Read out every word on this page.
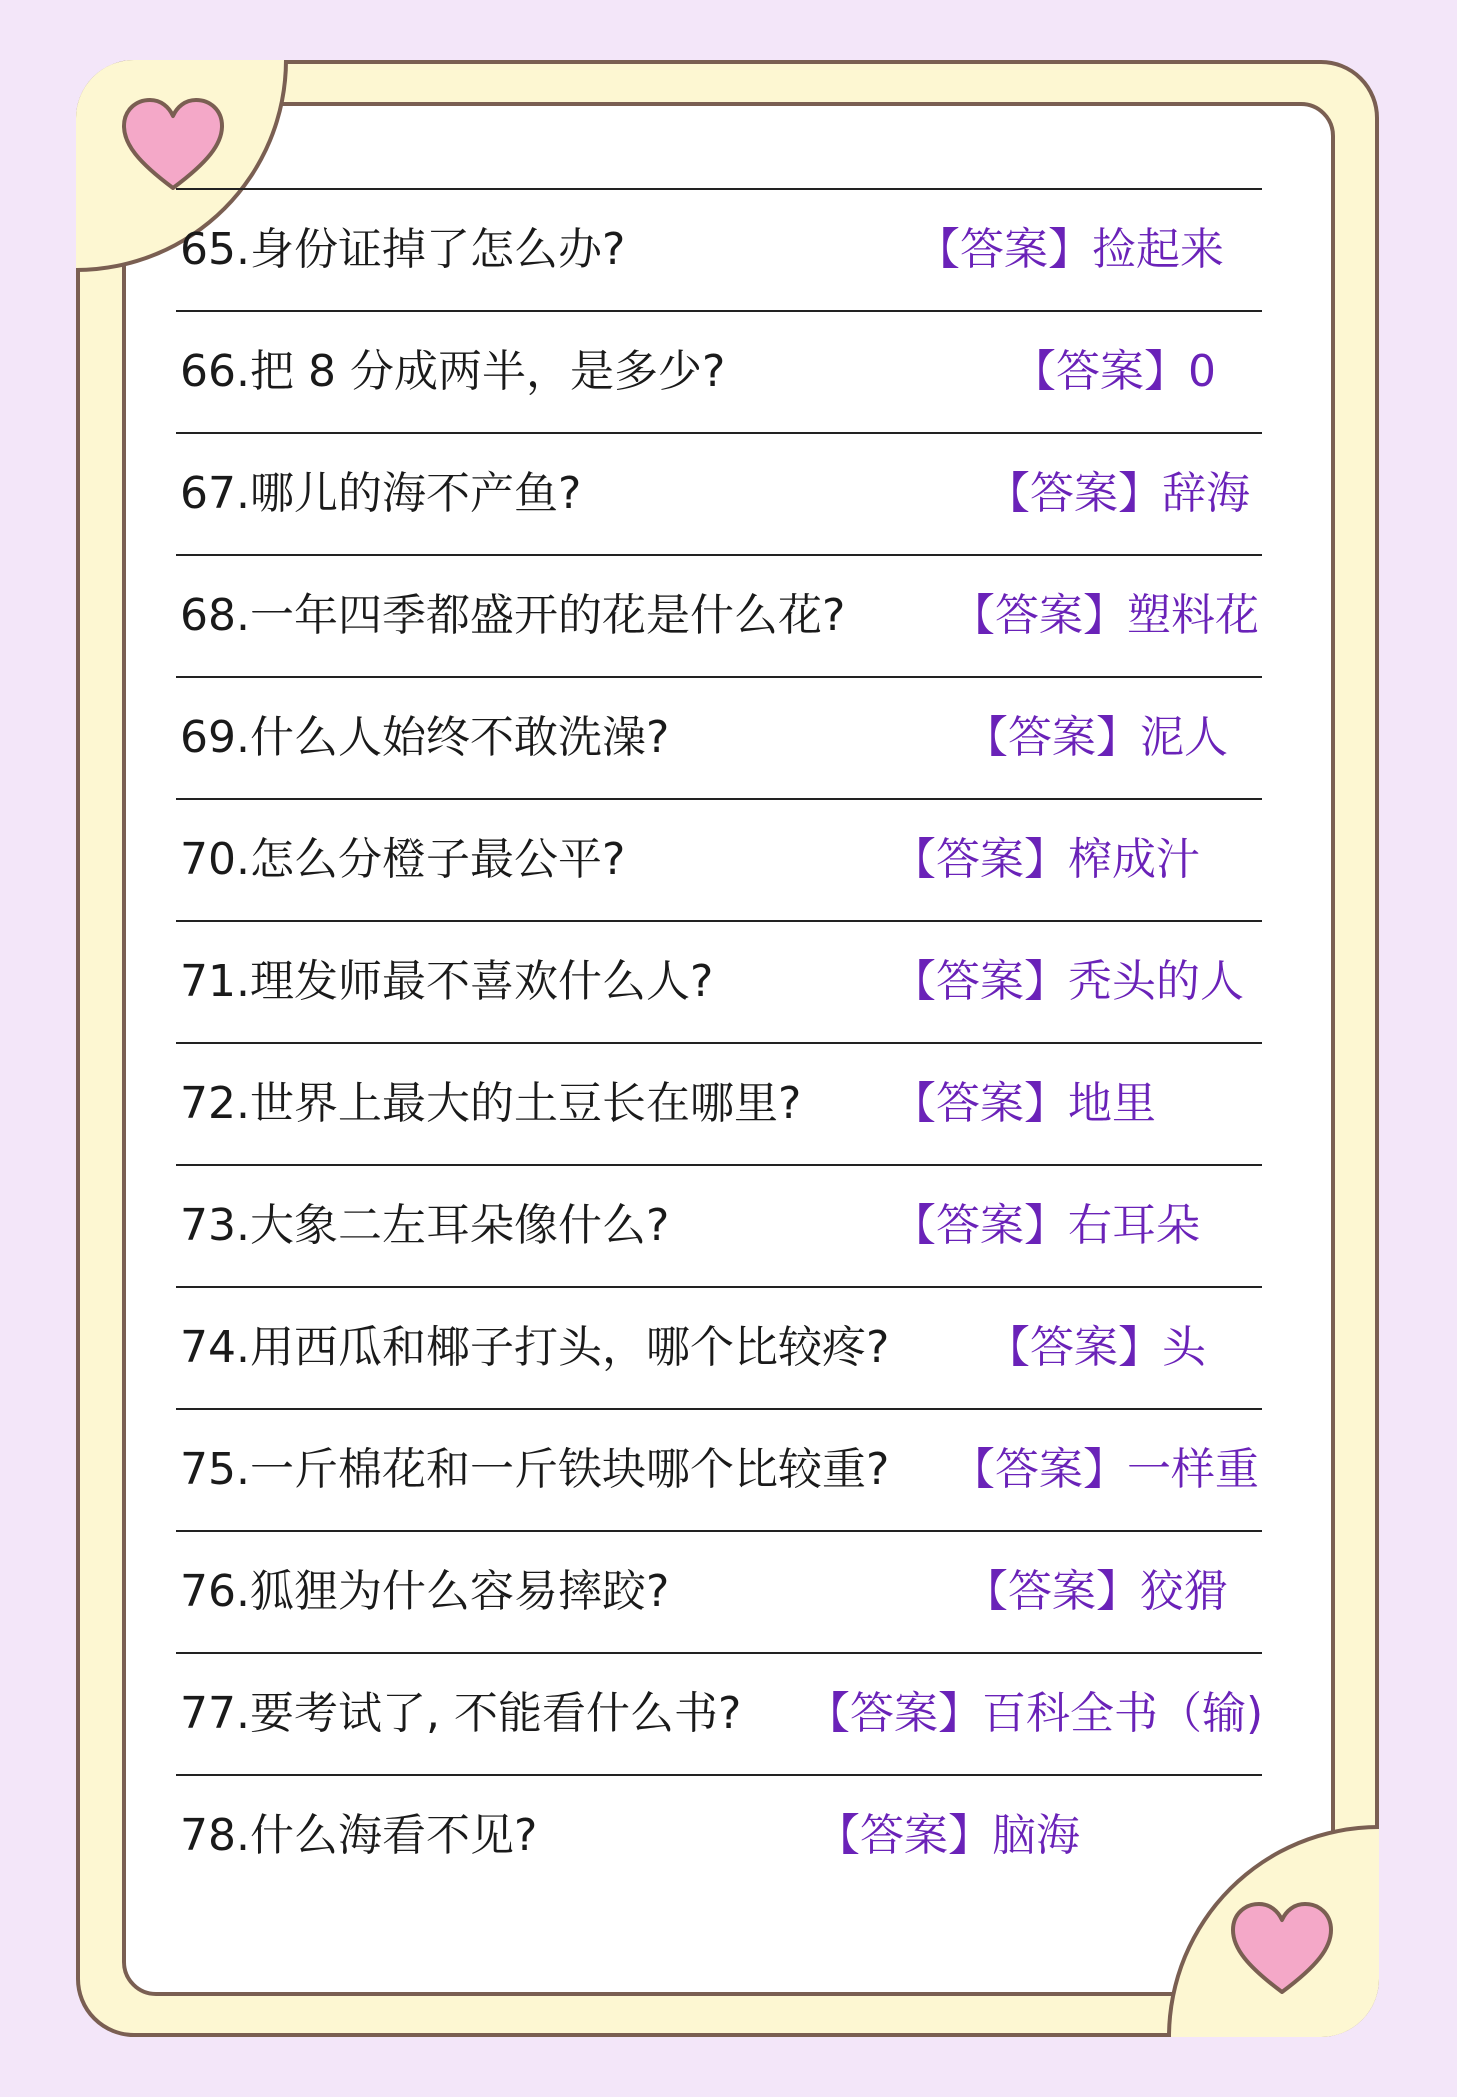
65.身份证掉了怎么办?	【答案】捡起来
66.把 8 分成两半，是多少?	【答案】0
67.哪儿的海不产鱼?	【答案】辞海
68.一年四季都盛开的花是什么花? 【答案】塑料花
69.什么人始终不敢洗澡?	【答案】泥人
70.怎么分橙子最公平?	【答案】榨成汁
71.理发师最不喜欢什么人?	【答案】秃头的人
72.世界上最大的土豆长在哪里? 【答案】地里
73.大象二左耳朵像什么?	【答案】右耳朵
74.用西瓜和椰子打头，哪个比较疼? 【答案】头
75.一斤棉花和一斤铁块哪个比较重? 【答案】一样重
76.狐狸为什么容易摔跤?	【答案】狡猾
77.要考试了, 不能看什么书? 【答案】百科全书（输)
78.什么海看不见?	【答案】脑海
